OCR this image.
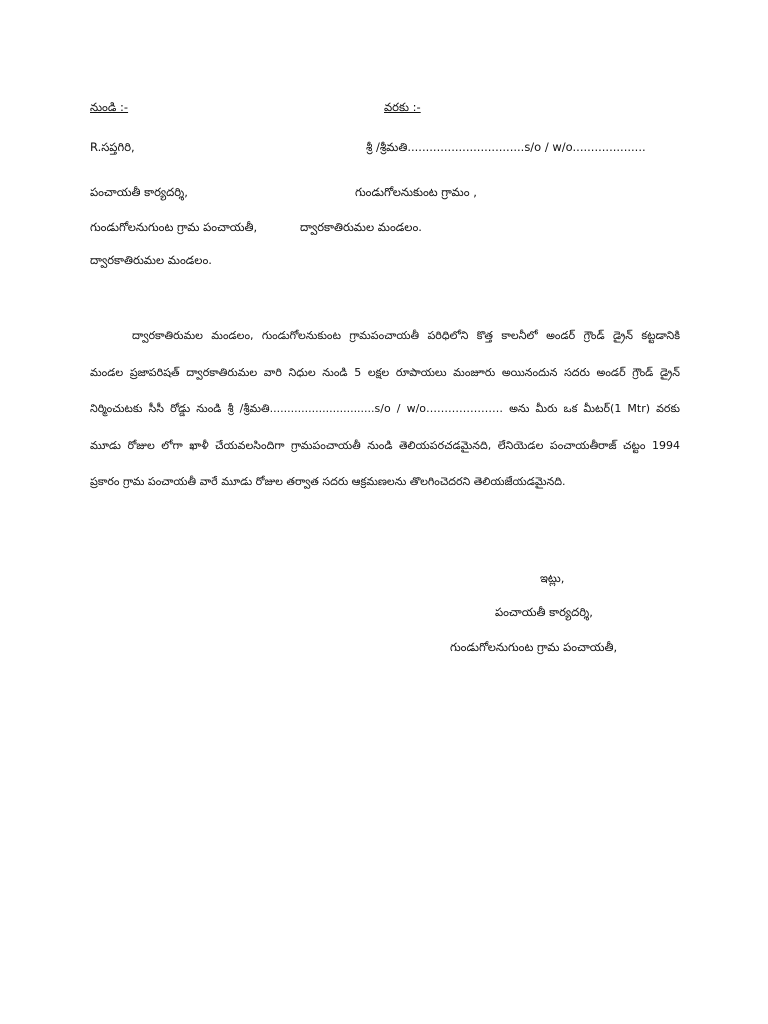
నుండి :-	వరకు :-
R.సప్తగిరి,	శ్రీ /శ్రీమతి................................s/o / w/o....................
పంచాయతీ కార్యదర్శి,	గుండుగోలనుకుంట గ్రామం ,
గుండుగోలనుగుంట గ్రామ పంచాయతీ,	ద్వారకాతిరుమల మండలం.
ద్వారకాతిరుమల మండలం.
ద్వారకాతిరుమల మండలం, గుండుగోలనుకుంట గ్రామపంచాయతీ పరిధిలోని కొత్త కాలనీలో అండర్ గ్రౌండ్ డ్రైన్ కట్టడానికి
మండల ప్రజాపరిషత్ ద్వారకాతిరుమల వారి నిధుల నుండి 5 లక్షల రూపాయలు మంజూరు అయినందున సదరు అండర్ గ్రౌండ్ డ్రైన్
నిర్మించుటకు సీసీ రోడ్డు నుండి శ్రీ /శ్రీమతి..............................s/o / w/o………………… అను మీరు ఒక మీటర్(1 Mtr) వరకు
మూడు రోజుల లోగా ఖాళీ చేయవలసిందిగా గ్రామపంచాయతీ నుండి తెలియపరచడమైనది, లేనియెడల పంచాయతీరాజ్ చట్టం 1994
ప్రకారం గ్రామ పంచాయతీ వారే మూడు రోజుల తర్వాత సదరు ఆక్రమణలను తొలగించెదరని తెలియజేయడమైనది.
ఇట్లు,
పంచాయతీ కార్యదర్శి,
గుండుగోలనుగుంట గ్రామ పంచాయతీ,
